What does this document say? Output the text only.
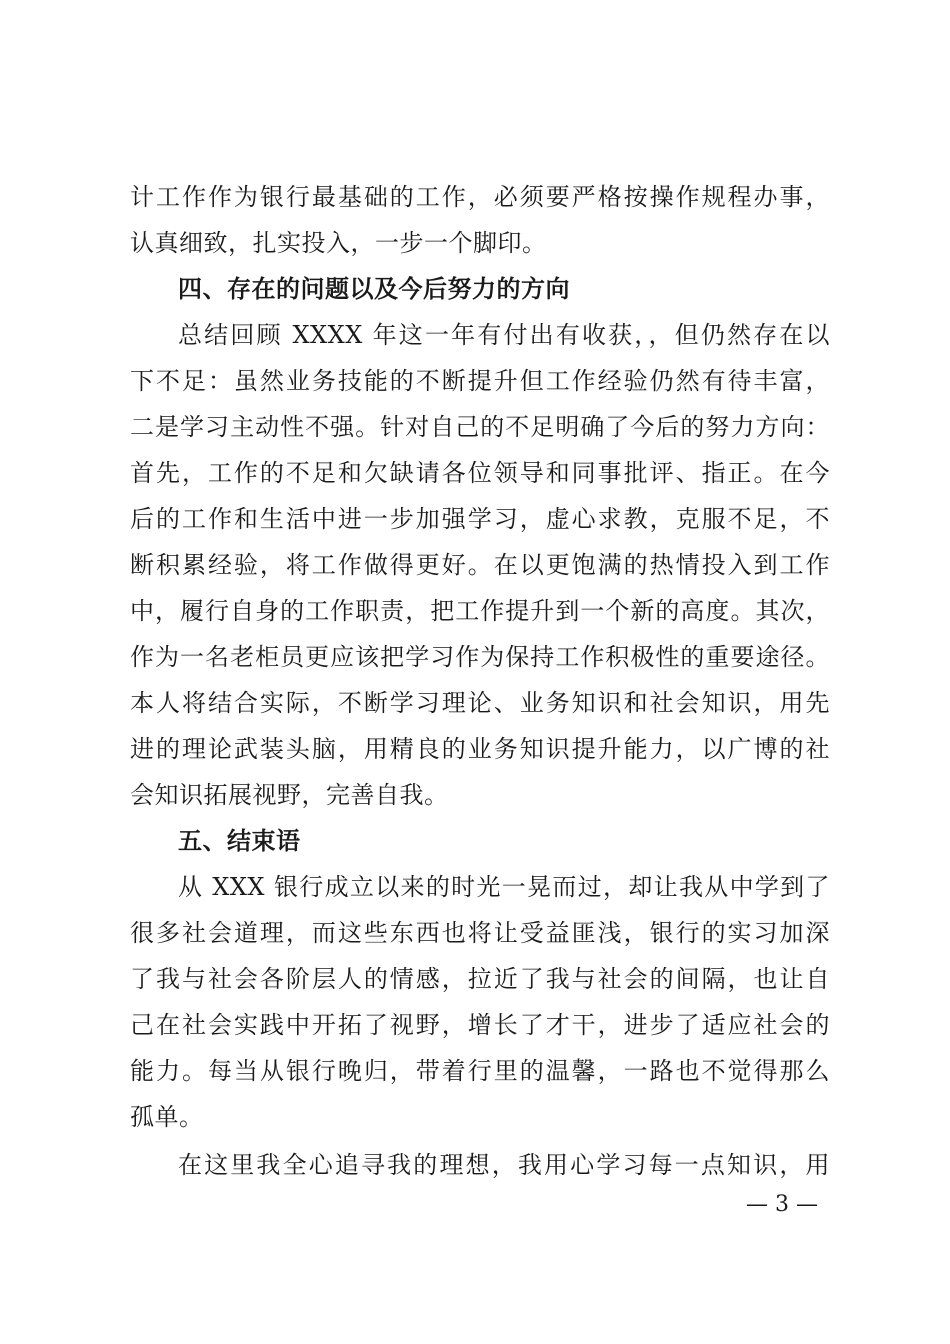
计工作作为银行最基础的工作，必须要严格按操作规程办事，
认真细致，扎实投入，一步一个脚印。
四、存在的问题以及今后努力的方向
总结回顾 XXXX 年这一年有付出有收获，，但仍然存在以
下不足：虽然业务技能的不断提升但工作经验仍然有待丰富，
二是学习主动性不强。针对自己的不足明确了今后的努力方向：
首先，工作的不足和欠缺请各位领导和同事批评、指正。在今
后的工作和生活中进一步加强学习，虚心求教，克服不足，不
断积累经验，将工作做得更好。在以更饱满的热情投入到工作
中，履行自身的工作职责，把工作提升到一个新的高度。其次，
作为一名老柜员更应该把学习作为保持工作积极性的重要途径。
本人将结合实际，不断学习理论、业务知识和社会知识，用先
进的理论武装头脑，用精良的业务知识提升能力，以广博的社
会知识拓展视野，完善自我。
五、结束语
从 XXX 银行成立以来的时光一晃而过，却让我从中学到了
很多社会道理，而这些东西也将让受益匪浅，银行的实习加深
了我与社会各阶层人的情感，拉近了我与社会的间隔，也让自
己在社会实践中开拓了视野，增长了才干，进步了适应社会的
能力。每当从银行晚归，带着行里的温馨，一路也不觉得那么
孤单。
在这里我全心追寻我的理想，我用心学习每一点知识，用
— 3 —
